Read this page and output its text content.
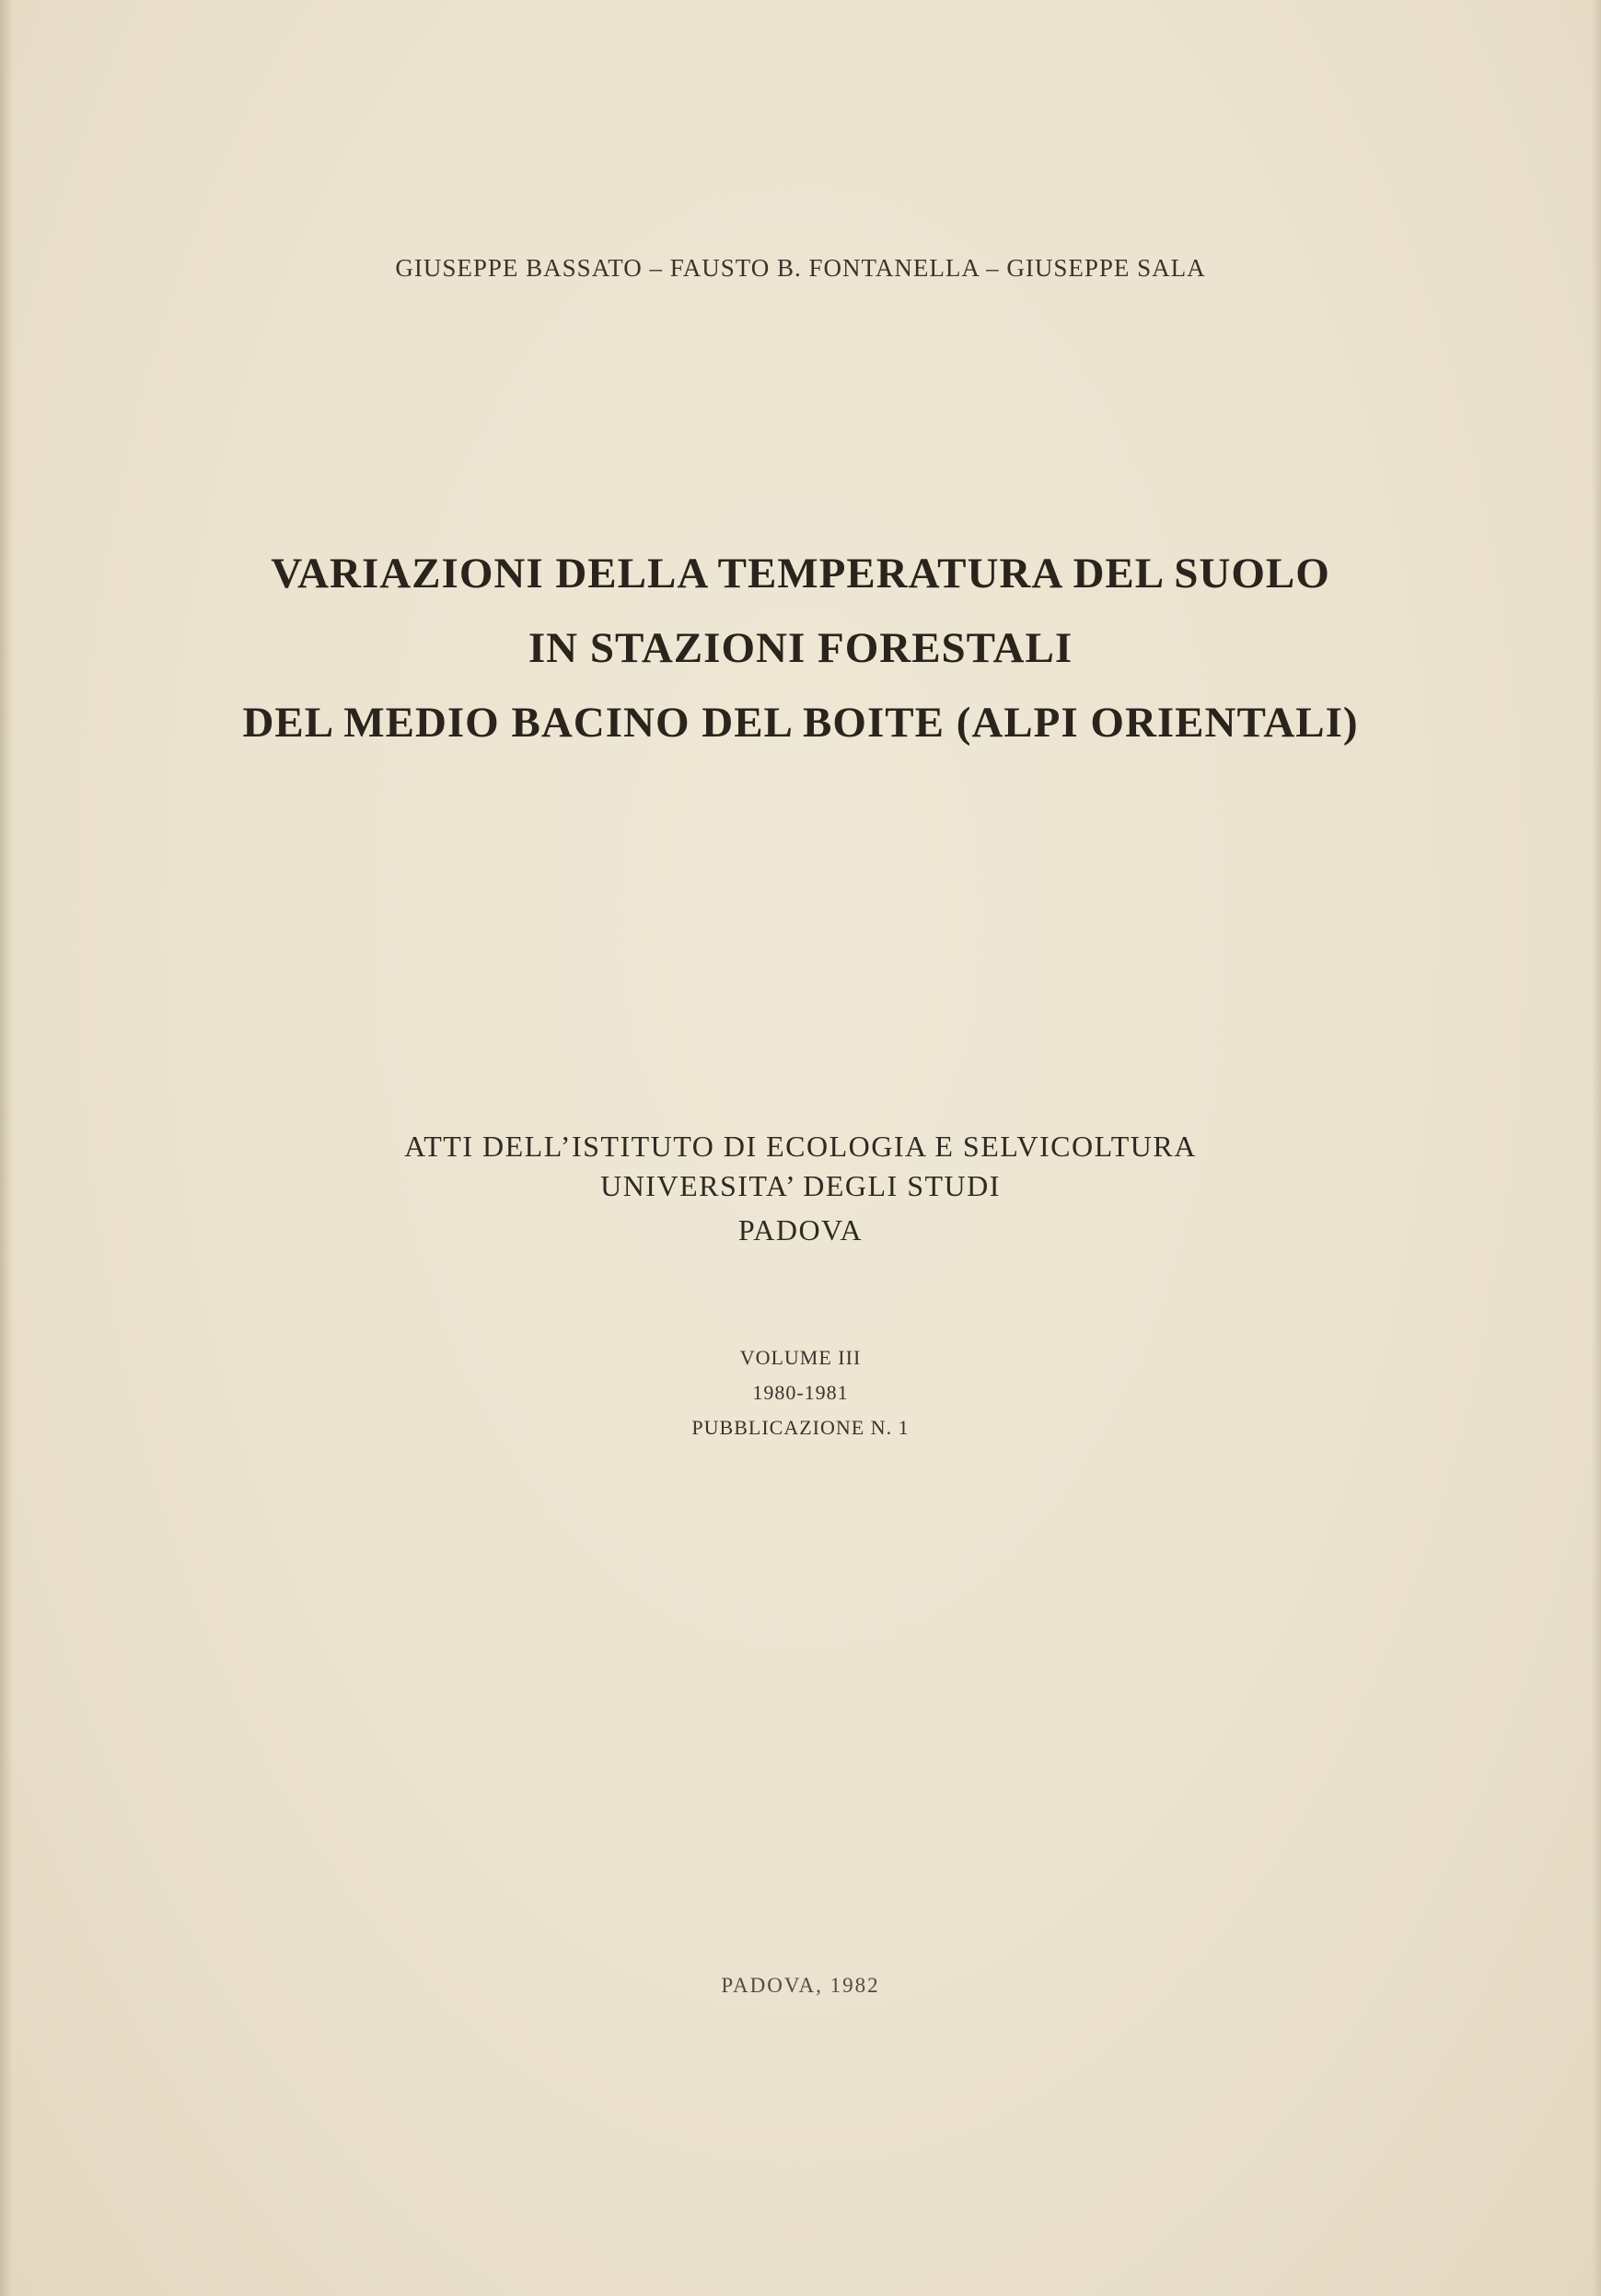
GIUSEPPE BASSATO – FAUSTO B. FONTANELLA – GIUSEPPE SALA
VARIAZIONI DELLA TEMPERATURA DEL SUOLO
IN STAZIONI FORESTALI
DEL MEDIO BACINO DEL BOITE (ALPI ORIENTALI)
ATTI DELL’ISTITUTO DI ECOLOGIA E SELVICOLTURA
UNIVERSITA’ DEGLI STUDI
PADOVA
VOLUME III
1980-1981
PUBBLICAZIONE N. 1
PADOVA, 1982
